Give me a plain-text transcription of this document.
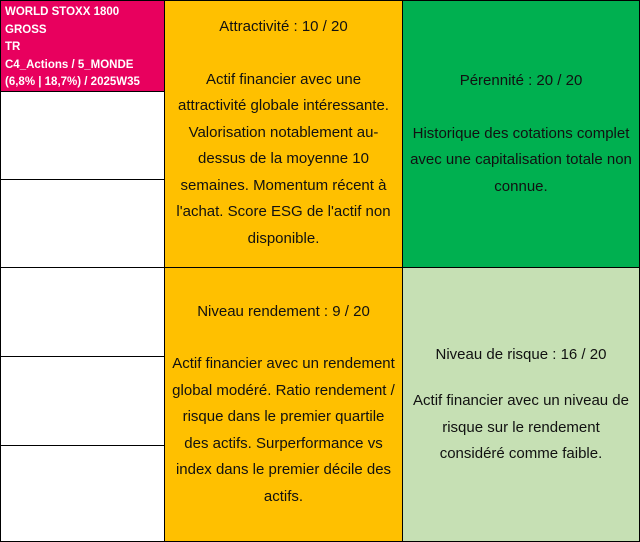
WORLD STOXX 1800 GROSS
TR
C4_Actions / 5_MONDE
(6,8% | 18,7%) / 2025W35
Attractivité : 10 / 20
Actif financier avec une attractivité globale intéressante. Valorisation notablement au-dessus de la moyenne 10 semaines. Momentum récent à l'achat. Score ESG de l'actif non disponible.
Pérennité : 20 / 20
Historique des cotations complet avec une capitalisation totale non connue.
Niveau rendement : 9 / 20
Actif financier avec un rendement global modéré. Ratio rendement / risque dans le premier quartile des actifs. Surperformance vs index dans le premier décile des actifs.
Niveau de risque : 16 / 20
Actif financier avec un niveau de risque sur le rendement considéré comme faible.
